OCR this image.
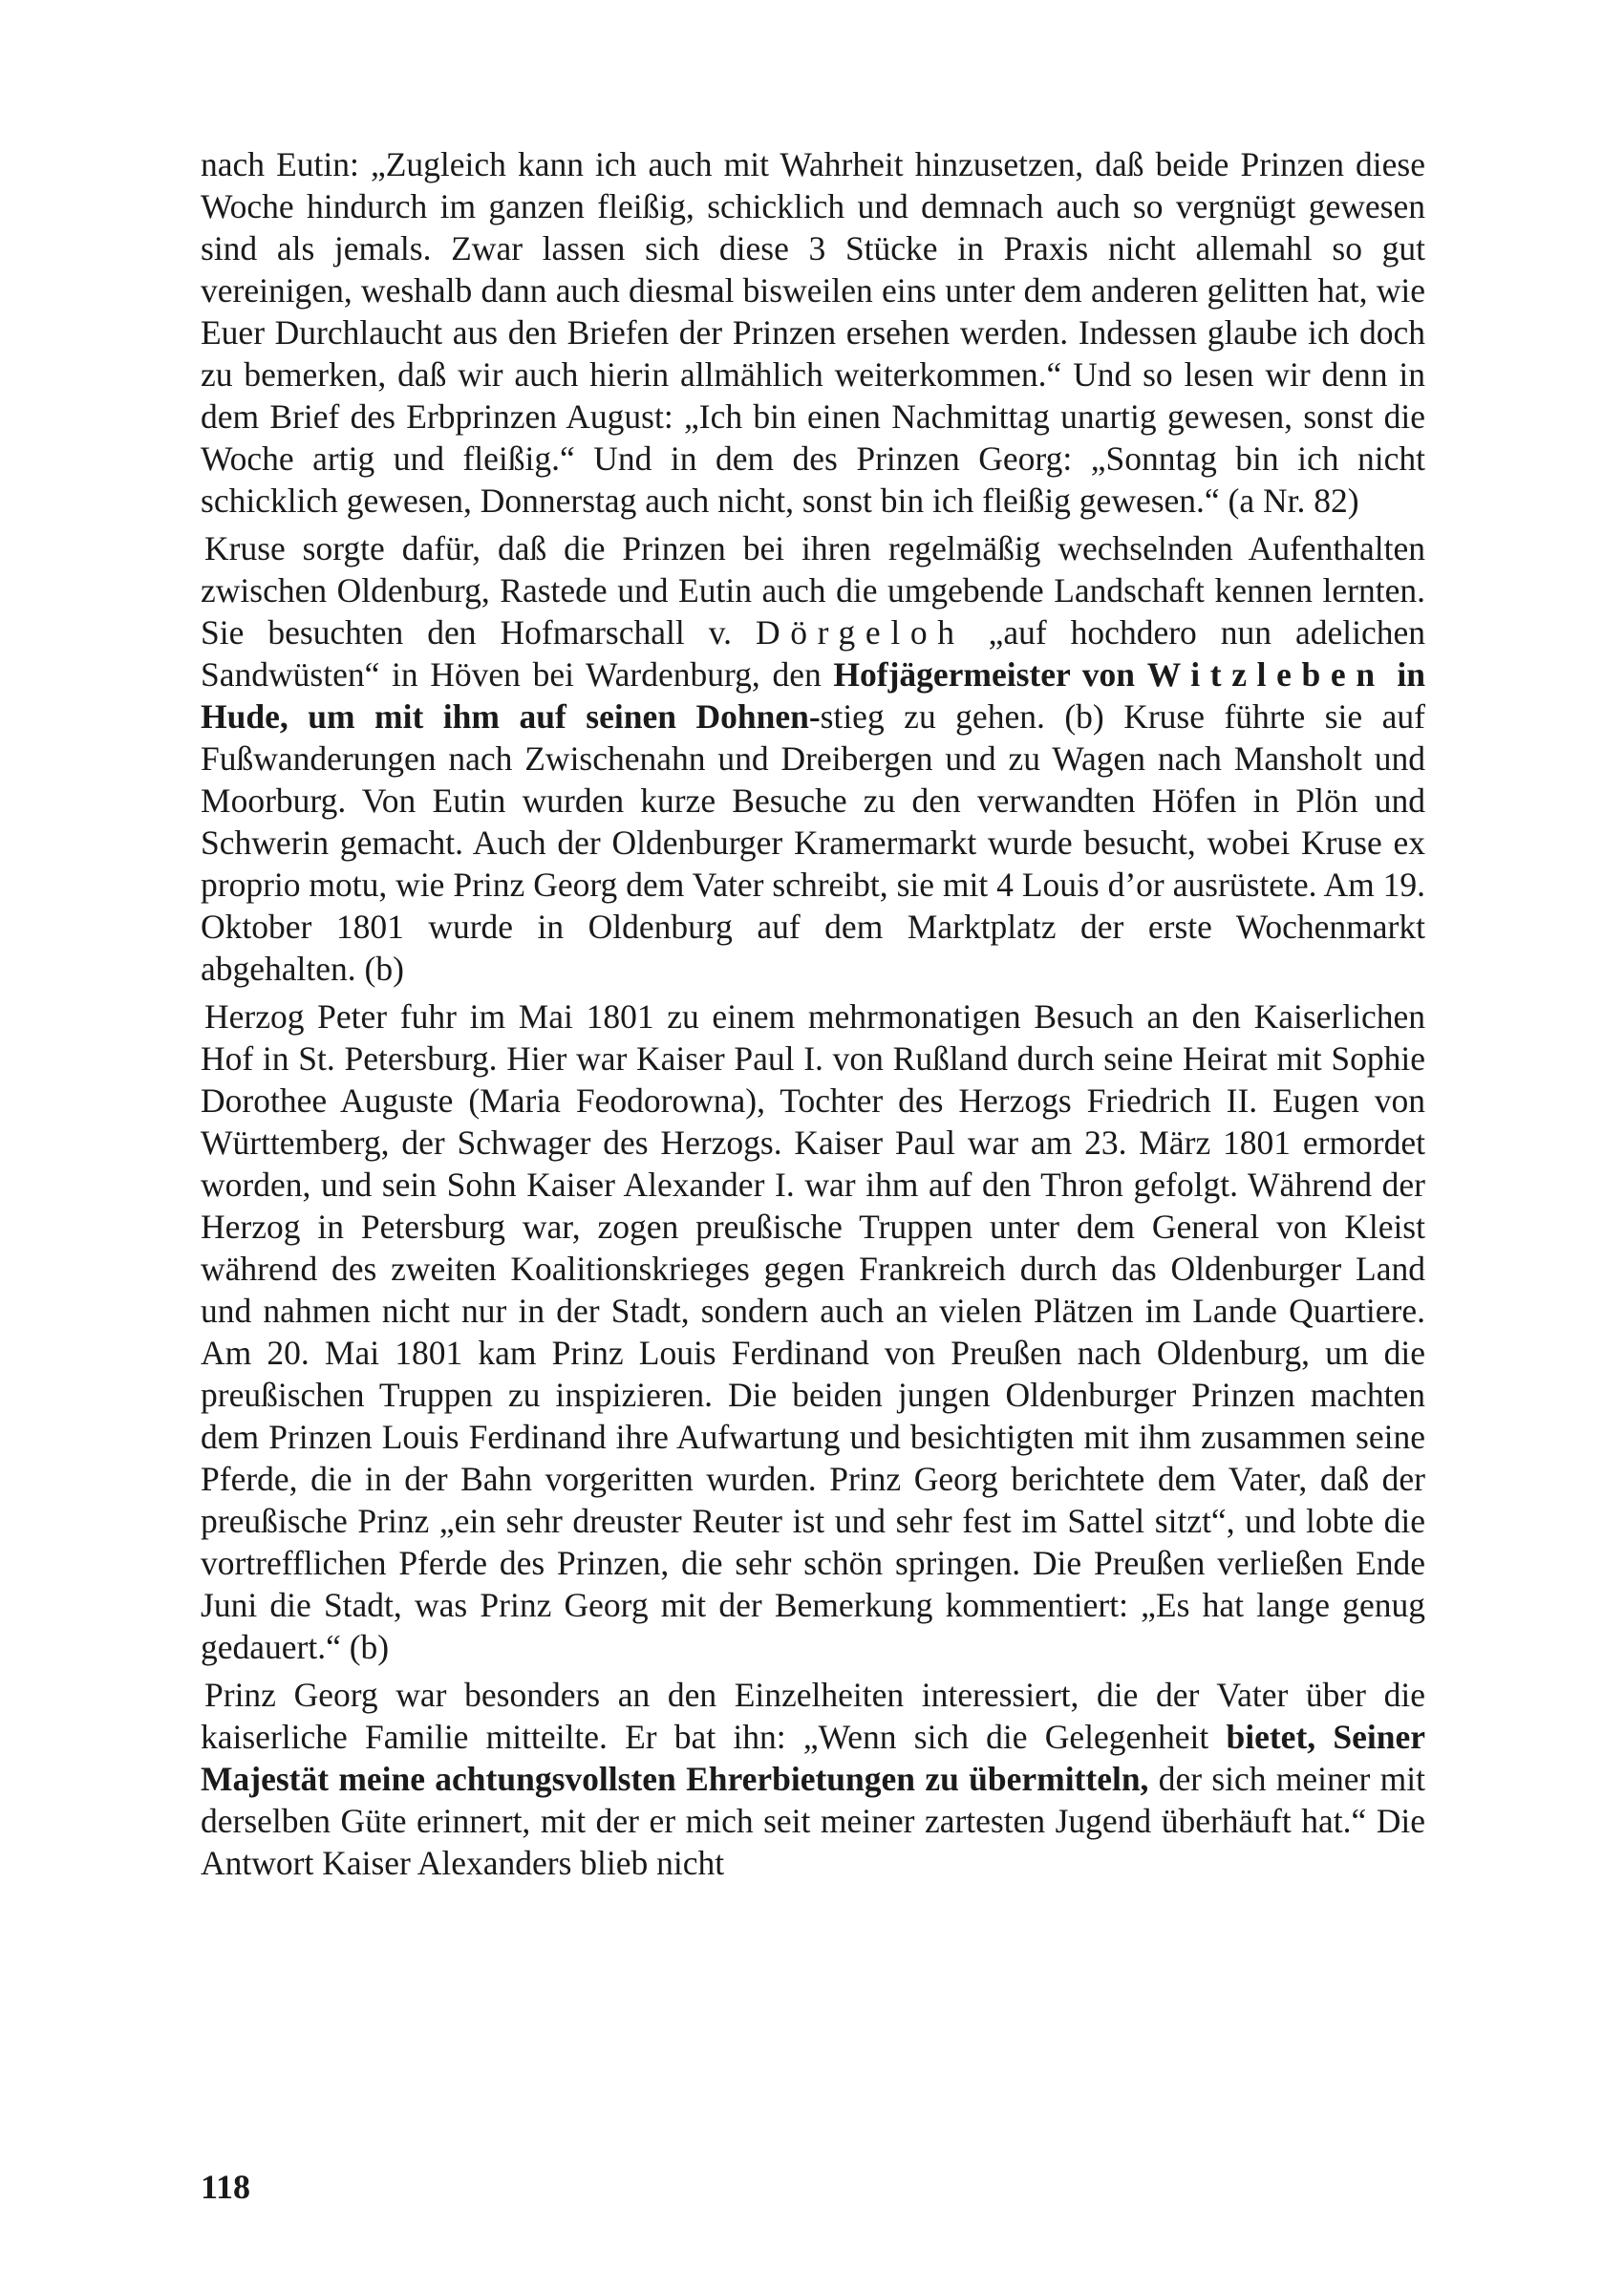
nach Eutin: „Zugleich kann ich auch mit Wahrheit hinzusetzen, daß beide Prinzen diese Woche hindurch im ganzen fleißig, schicklich und demnach auch so vergnügt gewesen sind als jemals. Zwar lassen sich diese 3 Stücke in Praxis nicht allemahl so gut vereinigen, weshalb dann auch diesmal bisweilen eins unter dem anderen gelitten hat, wie Euer Durchlaucht aus den Briefen der Prinzen ersehen werden. Indessen glaube ich doch zu bemerken, daß wir auch hierin allmählich weiterkommen.“ Und so lesen wir denn in dem Brief des Erbprinzen August: „Ich bin einen Nachmittag unartig gewesen, sonst die Woche artig und fleißig.“ Und in dem des Prinzen Georg: „Sonntag bin ich nicht schicklich gewesen, Donnerstag auch nicht, sonst bin ich fleißig gewesen.“ (a Nr. 82)

Kruse sorgte dafür, daß die Prinzen bei ihren regelmäßig wechselnden Aufenthalten zwischen Oldenburg, Rastede und Eutin auch die umgebende Landschaft kennen lernten. Sie besuchten den Hofmarschall v. Dörgeloh „auf hochdero nun adelichen Sandwüsten“ in Höven bei Wardenburg, den Hofjägermeister von Witzleben in Hude, um mit ihm auf seinen Dohnen-stieg zu gehen. (b) Kruse führte sie auf Fußwanderungen nach Zwischenahn und Dreibergen und zu Wagen nach Mansholt und Moorburg. Von Eutin wurden kurze Besuche zu den verwandten Höfen in Plön und Schwerin gemacht. Auch der Oldenburger Kramermarkt wurde besucht, wobei Kruse ex proprio motu, wie Prinz Georg dem Vater schreibt, sie mit 4 Louis d’or ausrüstete. Am 19. Oktober 1801 wurde in Oldenburg auf dem Marktplatz der erste Wochenmarkt abgehalten. (b)

Herzog Peter fuhr im Mai 1801 zu einem mehrmonatigen Besuch an den Kaiserlichen Hof in St. Petersburg. Hier war Kaiser Paul I. von Rußland durch seine Heirat mit Sophie Dorothee Auguste (Maria Feodorowna), Tochter des Herzogs Friedrich II. Eugen von Württemberg, der Schwager des Herzogs. Kaiser Paul war am 23. März 1801 ermordet worden, und sein Sohn Kaiser Alexander I. war ihm auf den Thron gefolgt. Während der Herzog in Petersburg war, zogen preußische Truppen unter dem General von Kleist während des zweiten Koalitionskrieges gegen Frankreich durch das Oldenburger Land und nahmen nicht nur in der Stadt, sondern auch an vielen Plätzen im Lande Quartiere. Am 20. Mai 1801 kam Prinz Louis Ferdinand von Preußen nach Oldenburg, um die preußischen Truppen zu inspizieren. Die beiden jungen Oldenburger Prinzen machten dem Prinzen Louis Ferdinand ihre Aufwartung und besichtigten mit ihm zusammen seine Pferde, die in der Bahn vorgeritten wurden. Prinz Georg berichtete dem Vater, daß der preußische Prinz „ein sehr dreuster Reuter ist und sehr fest im Sattel sitzt“, und lobte die vortrefflichen Pferde des Prinzen, die sehr schön springen. Die Preußen verließen Ende Juni die Stadt, was Prinz Georg mit der Bemerkung kommentiert: „Es hat lange genug gedauert.“ (b)

Prinz Georg war besonders an den Einzelheiten interessiert, die der Vater über die kaiserliche Familie mitteilte. Er bat ihn: „Wenn sich die Gelegenheit bietet, Seiner Majestät meine achtungsvollsten Ehrerbietungen zu übermitteln, der sich meiner mit derselben Güte erinnert, mit der er mich seit meiner zartesten Jugend überhäuft hat.“ Die Antwort Kaiser Alexanders blieb nicht

118
